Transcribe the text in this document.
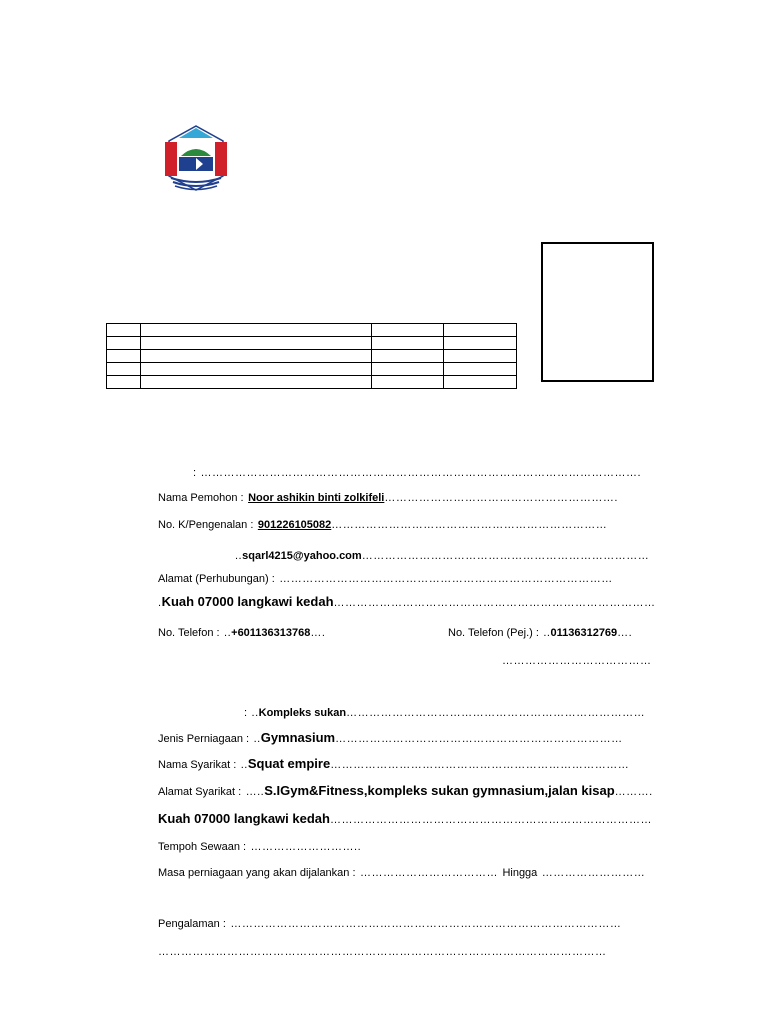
: …………………………………………………………………………………………………….
Nama Pemohon : Noor ashikin binti zolkifeli…………………………………………………….
No. K/Pengenalan : 901226105082………………………………………………………………
..sqarl4215@yahoo.com…………………………………………………………………
Alamat (Perhubungan) : ……………………………………………………………………………
.Kuah 07000 langkawi kedah…………………………………………………………………………
No. Telefon : ..+601136313768….	No. Telefon (Pej.) : ..01136312769….
…………………………………
: ..Kompleks sukan……………………………………………………………………
Jenis Perniagaan : ..Gymnasium…………………………………………………………………
Nama Syarikat : ..Squat empire……………………………………………………………………
Alamat Syarikat : …..S.IGym&Fitness,kompleks sukan gymnasium,jalan kisap……….
Kuah 07000 langkawi kedah…………………………………………………………………………
Tempoh Sewaan : ………………………..
Masa perniagaan yang akan dijalankan : ……………………………… Hingga ………………………
Pengalaman : …………………………………………………………………………………………
………………………………………………………………………………………………………
